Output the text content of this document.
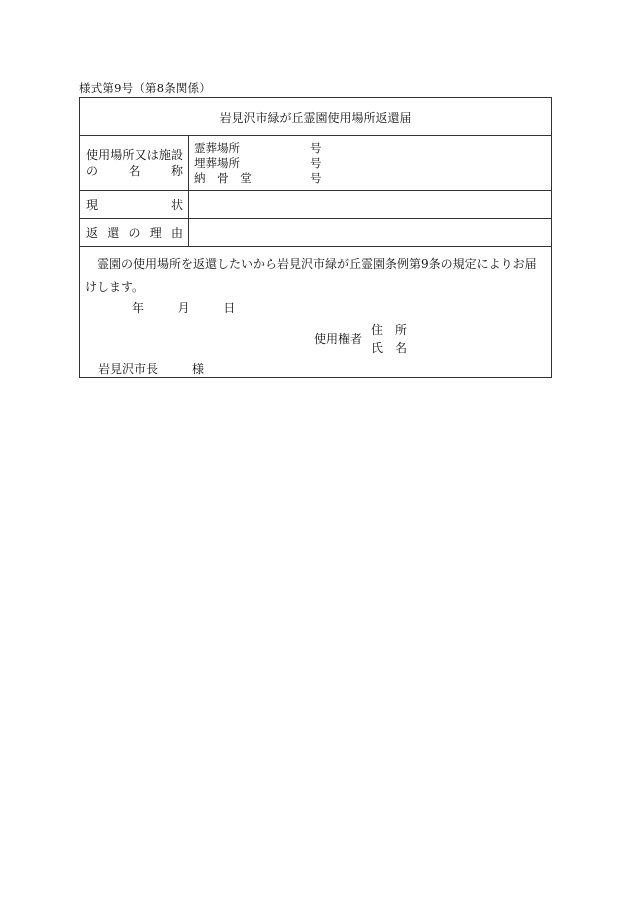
様式第9号（第8条関係）
岩見沢市緑が丘霊園使用場所返還届
使 用 場 所 又 は 施 設
の	名	称
霊葬場所	号
埋葬場所	号
納 骨 堂	号
現	状
返 還 の 理 由
霊園の使用場所を返還したいから岩見沢市緑が丘霊園条例第9条の規定によりお届けします。
年	月	日
使用権者
住所
氏名
岩見沢市長	様
